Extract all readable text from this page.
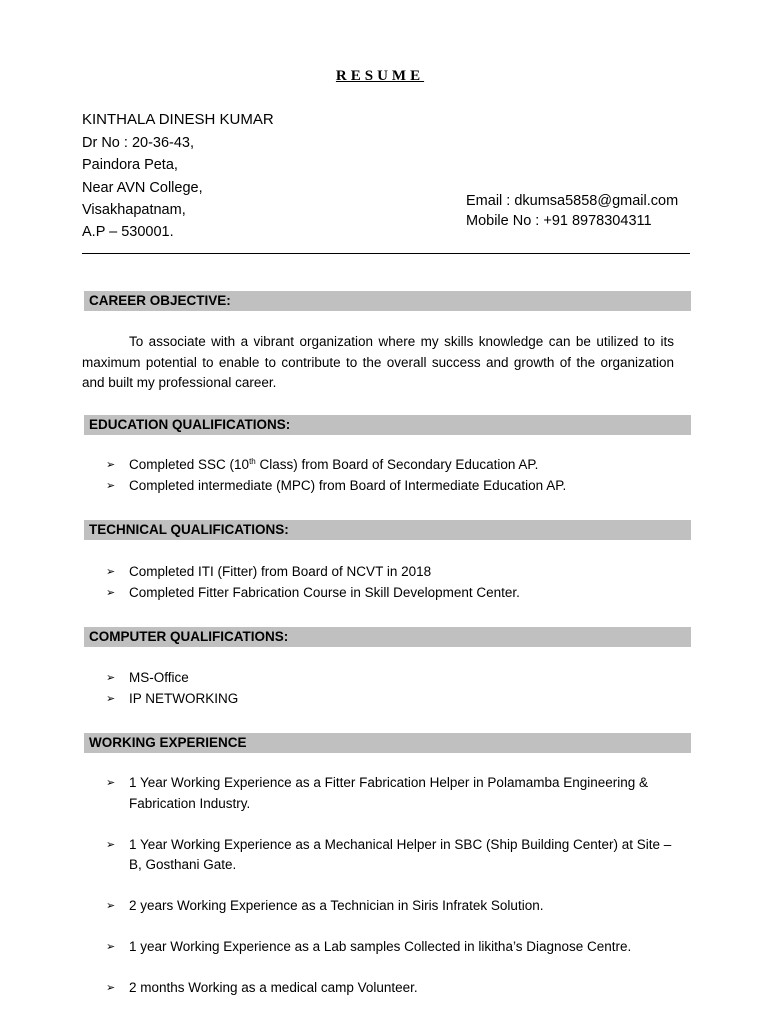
RESUME
KINTHALA DINESH KUMAR
Dr No : 20-36-43,
Paindora Peta,
Near AVN College,
Visakhapatnam,
A.P – 530001.
Email : dkumsa5858@gmail.com
Mobile No : +91 8978304311
CAREER OBJECTIVE:
To associate with a vibrant organization where my skills knowledge can be utilized to its maximum potential to enable to contribute to the overall success and growth of the organization and built my professional career.
EDUCATION QUALIFICATIONS:
➢ Completed SSC (10th Class) from Board of Secondary Education AP.
➢ Completed intermediate (MPC) from Board of Intermediate Education AP.
TECHNICAL QUALIFICATIONS:
➢ Completed ITI (Fitter) from Board of NCVT in 2018
➢ Completed Fitter Fabrication Course in Skill Development Center.
COMPUTER QUALIFICATIONS:
➢ MS-Office
➢ IP NETWORKING
WORKING EXPERIENCE
➢ 1 Year Working Experience as a Fitter Fabrication Helper in Polamamba Engineering & Fabrication Industry.
➢ 1 Year Working Experience as a Mechanical Helper in SBC (Ship Building Center) at Site – B, Gosthani Gate.
➢ 2 years Working Experience as a Technician in Siris Infratek Solution.
➢ 1 year Working Experience as a Lab samples Collected in likitha’s Diagnose Centre.
➢ 2 months Working as a medical camp Volunteer.
